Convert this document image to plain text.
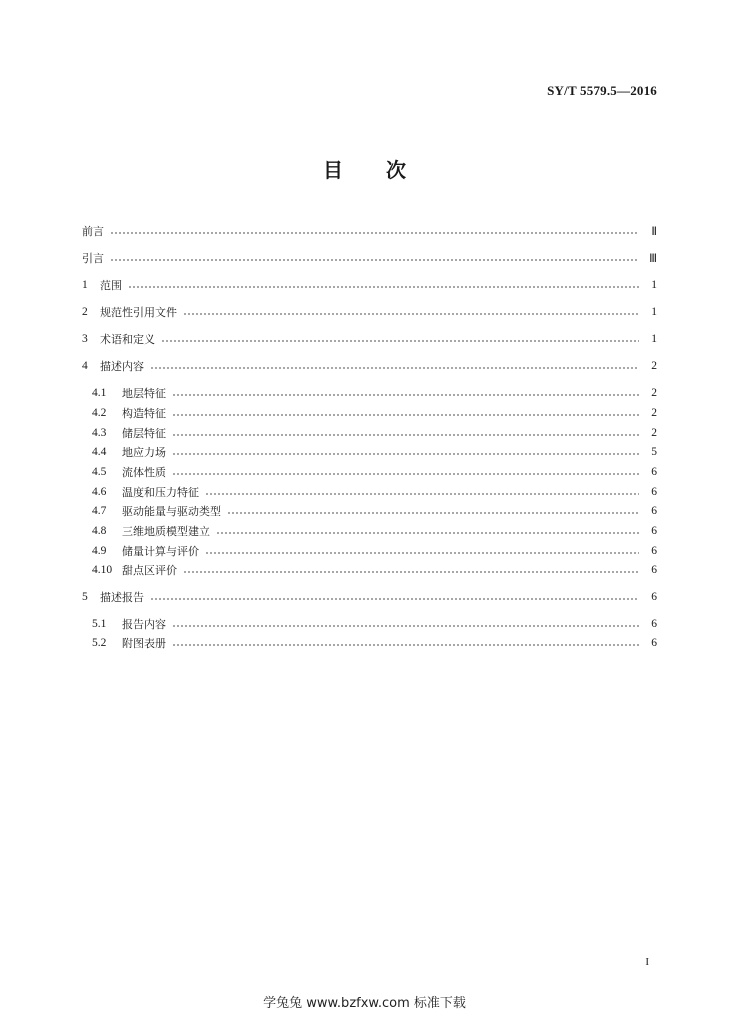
SY/T 5579.5—2016
目 次
前言	Ⅱ
引言	Ⅲ
1	范围	1
2	规范性引用文件	1
3	术语和定义	1
4	描述内容	2
4.1	地层特征	2
4.2	构造特征	2
4.3	储层特征	2
4.4	地应力场	5
4.5	流体性质	6
4.6	温度和压力特征	6
4.7	驱动能量与驱动类型	6
4.8	三维地质模型建立	6
4.9	储量计算与评价	6
4.10 甜点区评价	6
5	描述报告	6
5.1	报告内容	6
5.2	附图表册	6
I
学兔兔 www.bzfxw.com 标准下载
